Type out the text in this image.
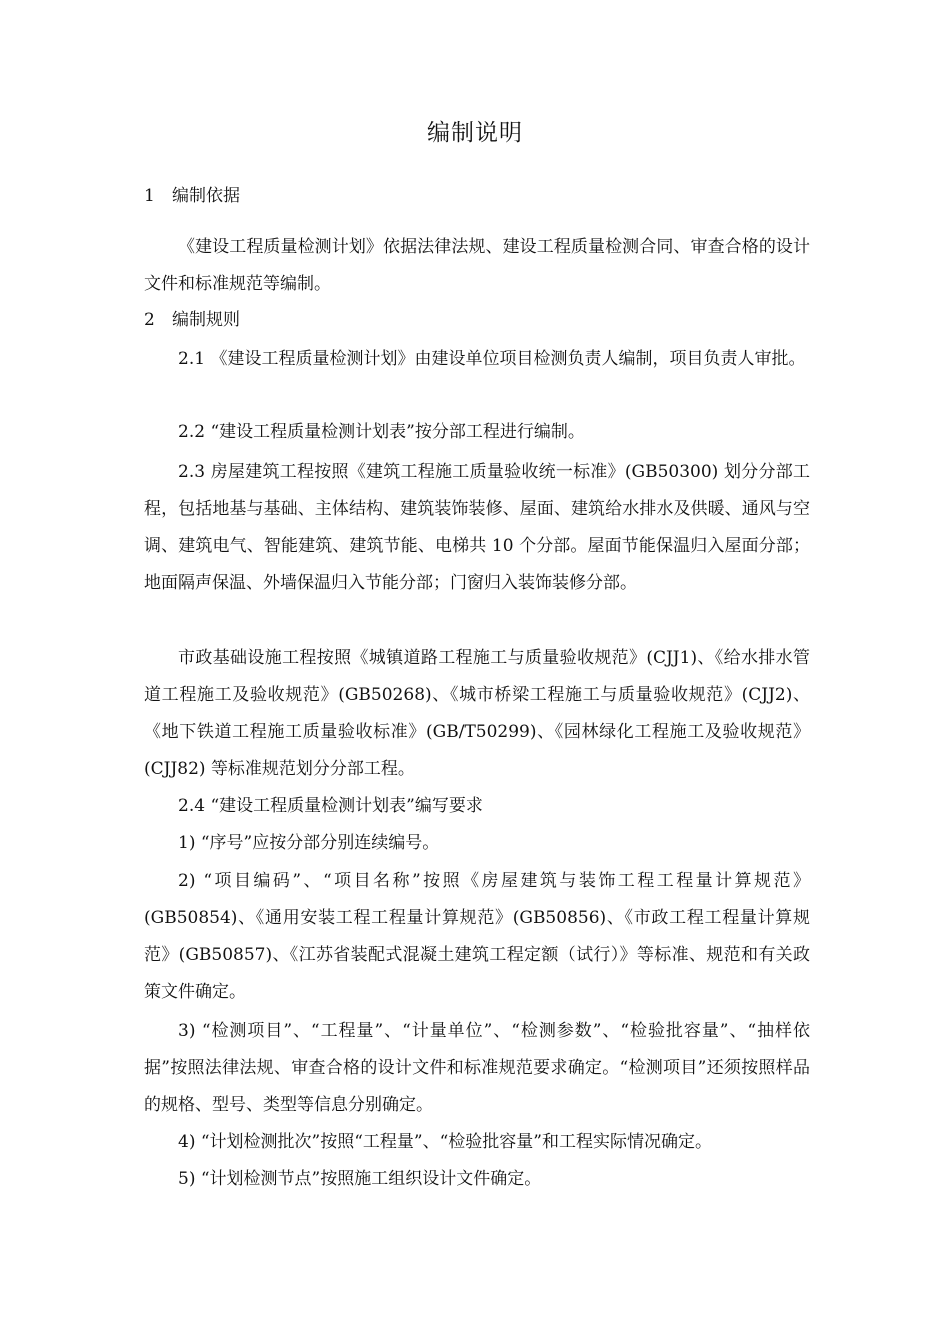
编制说明
1 编制依据
《建设工程质量检测计划》依据法律法规、建设工程质量检测合同、审查合格的设计文件和标准规范等编制。
2 编制规则
2.1 《建设工程质量检测计划》由建设单位项目检测负责人编制，项目负责人审批。
2.2 “建设工程质量检测计划表”按分部工程进行编制。
2.3 房屋建筑工程按照《建筑工程施工质量验收统一标准》(GB50300) 划分分部工程，包括地基与基础、主体结构、建筑装饰装修、屋面、建筑给水排水及供暖、通风与空调、建筑电气、智能建筑、建筑节能、电梯共 10 个分部。屋面节能保温归入屋面分部；地面隔声保温、外墙保温归入节能分部；门窗归入装饰装修分部。
市政基础设施工程按照《城镇道路工程施工与质量验收规范》(CJJ1)、《给水排水管道工程施工及验收规范》(GB50268)、《城市桥梁工程施工与质量验收规范》(CJJ2)、《地下铁道工程施工质量验收标准》(GB/T50299)、《园林绿化工程施工及验收规范》(CJJ82) 等标准规范划分分部工程。
2.4 “建设工程质量检测计划表”编写要求
1) “序号”应按分部分别连续编号。
2) “项目编码”、“项目名称”按照《房屋建筑与装饰工程工程量计算规范》(GB50854)、《通用安装工程工程量计算规范》(GB50856)、《市政工程工程量计算规范》(GB50857)、《江苏省装配式混凝土建筑工程定额（试行）》等标准、规范和有关政策文件确定。
3) “检测项目”、“工程量”、“计量单位”、“检测参数”、“检验批容量”、“抽样依据”按照法律法规、审查合格的设计文件和标准规范要求确定。“检测项目”还须按照样品的规格、型号、类型等信息分别确定。
4) “计划检测批次”按照“工程量”、“检验批容量”和工程实际情况确定。
5) “计划检测节点”按照施工组织设计文件确定。
